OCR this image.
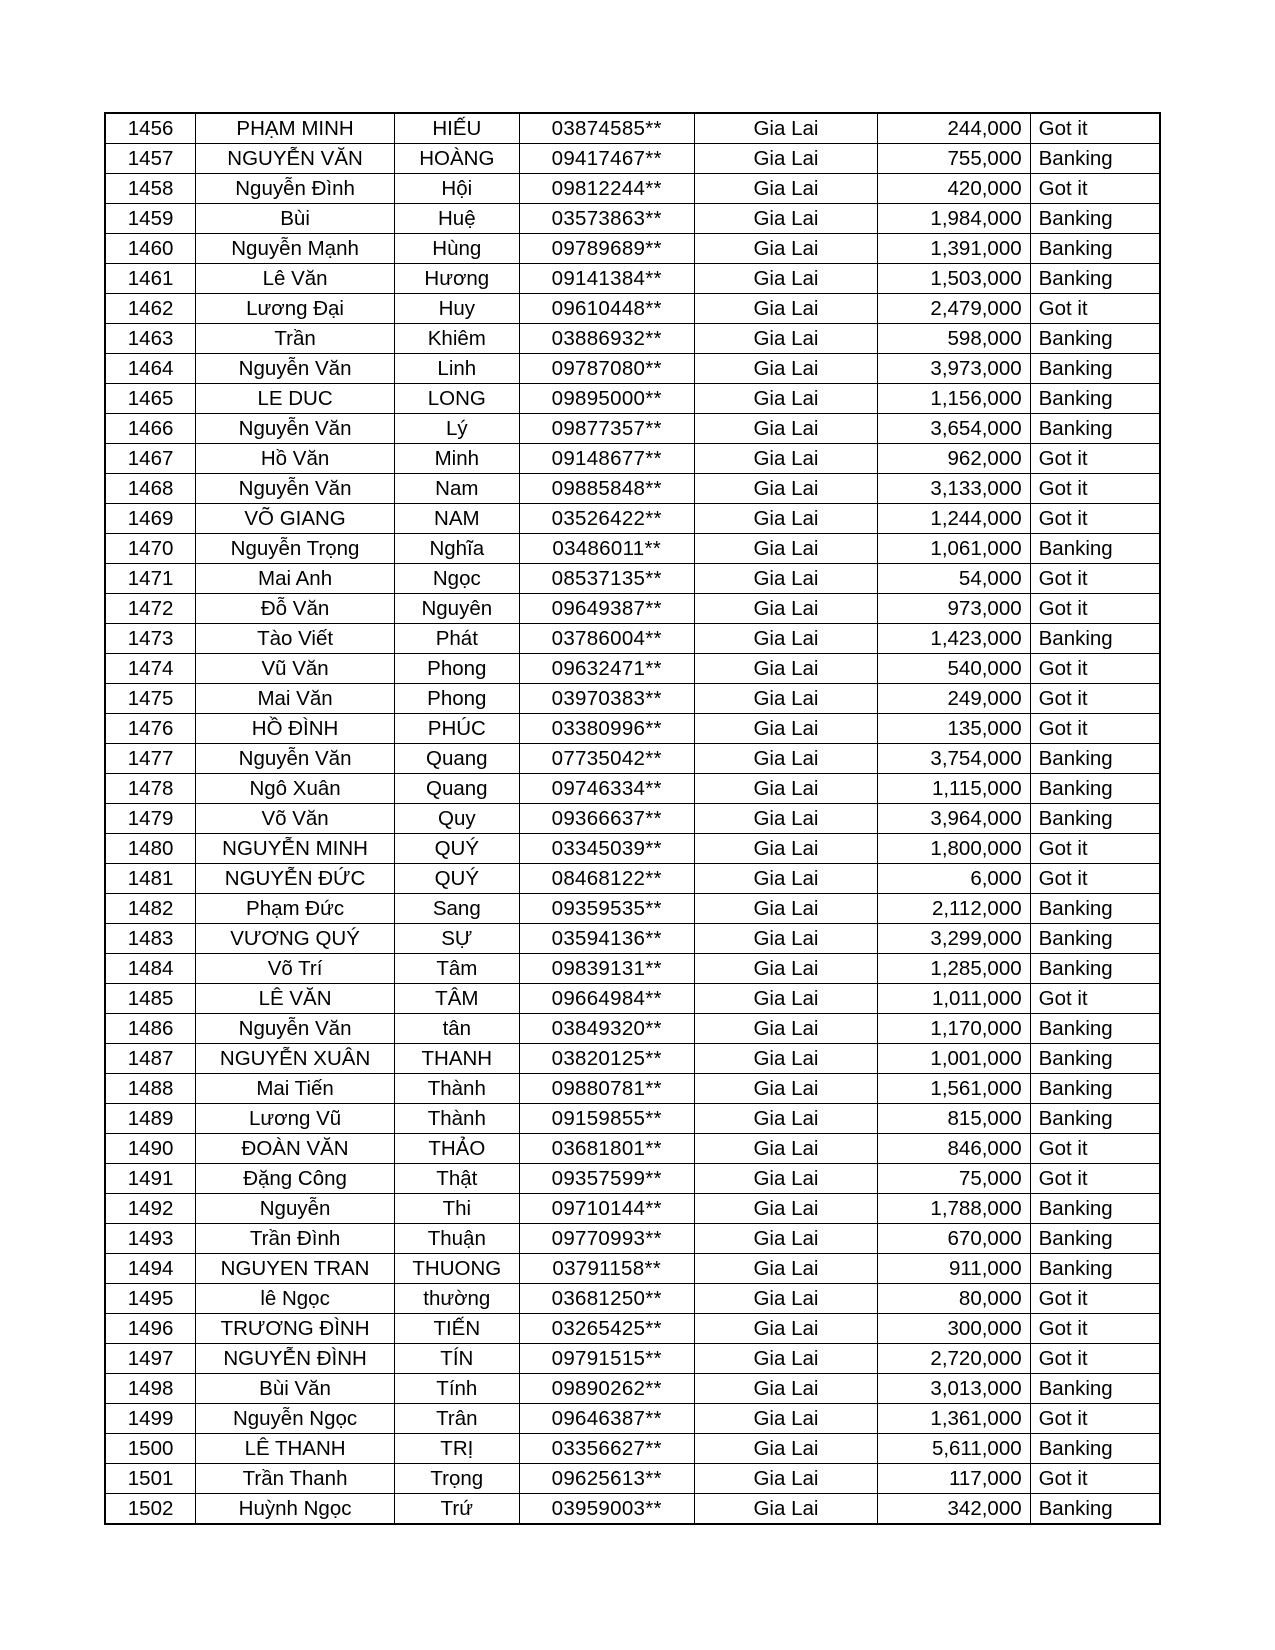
1456	PHẠM MINH	HIẾU	03874585**	Gia Lai	244,000	Got it
1457	NGUYỄN VĂN	HOÀNG	09417467**	Gia Lai	755,000	Banking
1458	Nguyễn Đình	Hội	09812244**	Gia Lai	420,000	Got it
1459	Bùi	Huệ	03573863**	Gia Lai	1,984,000	Banking
1460	Nguyễn Mạnh	Hùng	09789689**	Gia Lai	1,391,000	Banking
1461	Lê Văn	Hương	09141384**	Gia Lai	1,503,000	Banking
1462	Lương Đại	Huy	09610448**	Gia Lai	2,479,000	Got it
1463	Trần	Khiêm	03886932**	Gia Lai	598,000	Banking
1464	Nguyễn Văn	Linh	09787080**	Gia Lai	3,973,000	Banking
1465	LE DUC	LONG	09895000**	Gia Lai	1,156,000	Banking
1466	Nguyễn Văn	Lý	09877357**	Gia Lai	3,654,000	Banking
1467	Hồ Văn	Minh	09148677**	Gia Lai	962,000	Got it
1468	Nguyễn Văn	Nam	09885848**	Gia Lai	3,133,000	Got it
1469	VÕ GIANG	NAM	03526422**	Gia Lai	1,244,000	Got it
1470	Nguyễn Trọng	Nghĩa	03486011**	Gia Lai	1,061,000	Banking
1471	Mai Anh	Ngọc	08537135**	Gia Lai	54,000	Got it
1472	Đỗ Văn	Nguyên	09649387**	Gia Lai	973,000	Got it
1473	Tào Viết	Phát	03786004**	Gia Lai	1,423,000	Banking
1474	Vũ Văn	Phong	09632471**	Gia Lai	540,000	Got it
1475	Mai Văn	Phong	03970383**	Gia Lai	249,000	Got it
1476	HỒ ĐÌNH	PHÚC	03380996**	Gia Lai	135,000	Got it
1477	Nguyễn Văn	Quang	07735042**	Gia Lai	3,754,000	Banking
1478	Ngô Xuân	Quang	09746334**	Gia Lai	1,115,000	Banking
1479	Võ Văn	Quy	09366637**	Gia Lai	3,964,000	Banking
1480	NGUYỄN MINH	QUÝ	03345039**	Gia Lai	1,800,000	Got it
1481	NGUYỄN ĐỨC	QUÝ	08468122**	Gia Lai	6,000	Got it
1482	Phạm Đức	Sang	09359535**	Gia Lai	2,112,000	Banking
1483	VƯƠNG QUÝ	SỰ	03594136**	Gia Lai	3,299,000	Banking
1484	Võ Trí	Tâm	09839131**	Gia Lai	1,285,000	Banking
1485	LÊ VĂN	TÂM	09664984**	Gia Lai	1,011,000	Got it
1486	Nguyễn Văn	tân	03849320**	Gia Lai	1,170,000	Banking
1487	NGUYỄN XUÂN	THANH	03820125**	Gia Lai	1,001,000	Banking
1488	Mai Tiến	Thành	09880781**	Gia Lai	1,561,000	Banking
1489	Lương Vũ	Thành	09159855**	Gia Lai	815,000	Banking
1490	ĐOÀN VĂN	THẢO	03681801**	Gia Lai	846,000	Got it
1491	Đặng Công	Thật	09357599**	Gia Lai	75,000	Got it
1492	Nguyễn	Thi	09710144**	Gia Lai	1,788,000	Banking
1493	Trần Đình	Thuận	09770993**	Gia Lai	670,000	Banking
1494	NGUYEN TRAN	THUONG	03791158**	Gia Lai	911,000	Banking
1495	lê Ngọc	thường	03681250**	Gia Lai	80,000	Got it
1496	TRƯƠNG ĐÌNH	TIẾN	03265425**	Gia Lai	300,000	Got it
1497	NGUYỄN ĐÌNH	TÍN	09791515**	Gia Lai	2,720,000	Got it
1498	Bùi Văn	Tính	09890262**	Gia Lai	3,013,000	Banking
1499	Nguyễn Ngọc	Trân	09646387**	Gia Lai	1,361,000	Got it
1500	LÊ THANH	TRỊ	03356627**	Gia Lai	5,611,000	Banking
1501	Trần Thanh	Trọng	09625613**	Gia Lai	117,000	Got it
1502	Huỳnh Ngọc	Trứ	03959003**	Gia Lai	342,000	Banking
